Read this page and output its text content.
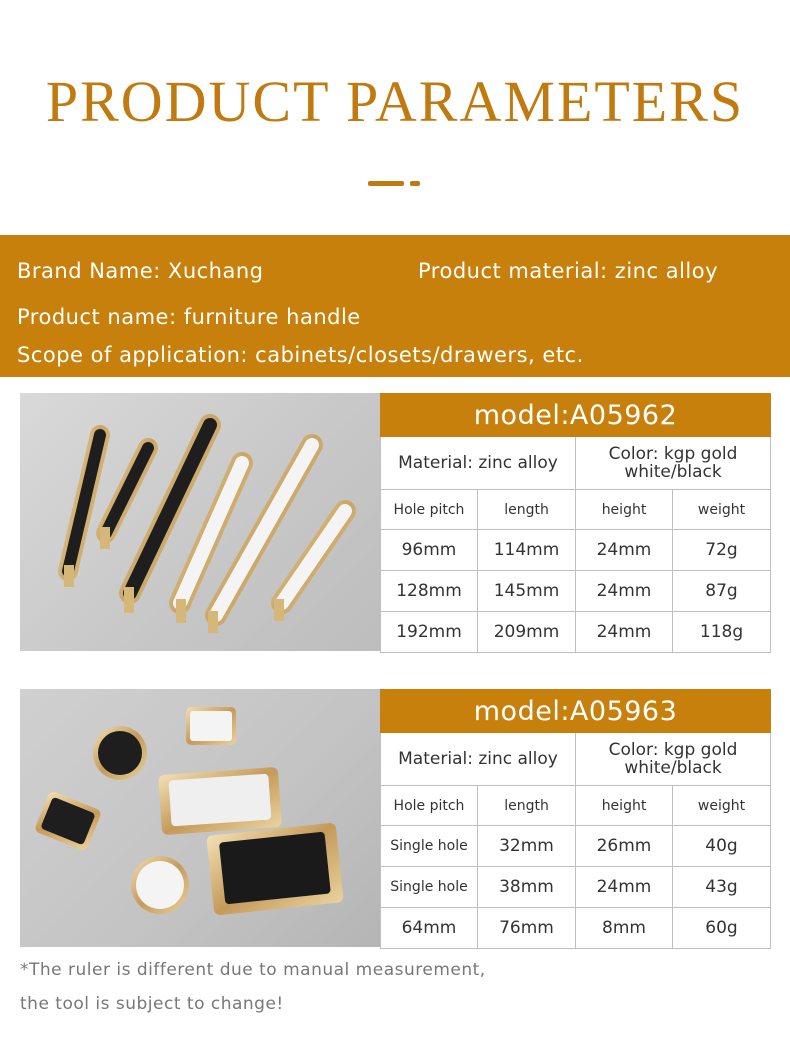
PRODUCT PARAMETERS
Brand Name: Xuchang	Product material: zinc alloy
Product name: furniture handle
Scope of application: cabinets/closets/drawers, etc.
model:A05962			
Material: zinc alloy		Color: kgp gold
white/black	

Hole pitch	length	height	weight
96mm	114mm	24mm	72g
128mm	145mm	24mm	87g
192mm	209mm	24mm	118g
model:A05963			
Material: zinc alloy		Color: kgp gold
white/black	

Hole pitch	length	height	weight
Single hole	32mm	26mm	40g
Single hole	38mm	24mm	43g
64mm	76mm	8mm	60g
*The ruler is different due to manual measurement,
the tool is subject to change!
